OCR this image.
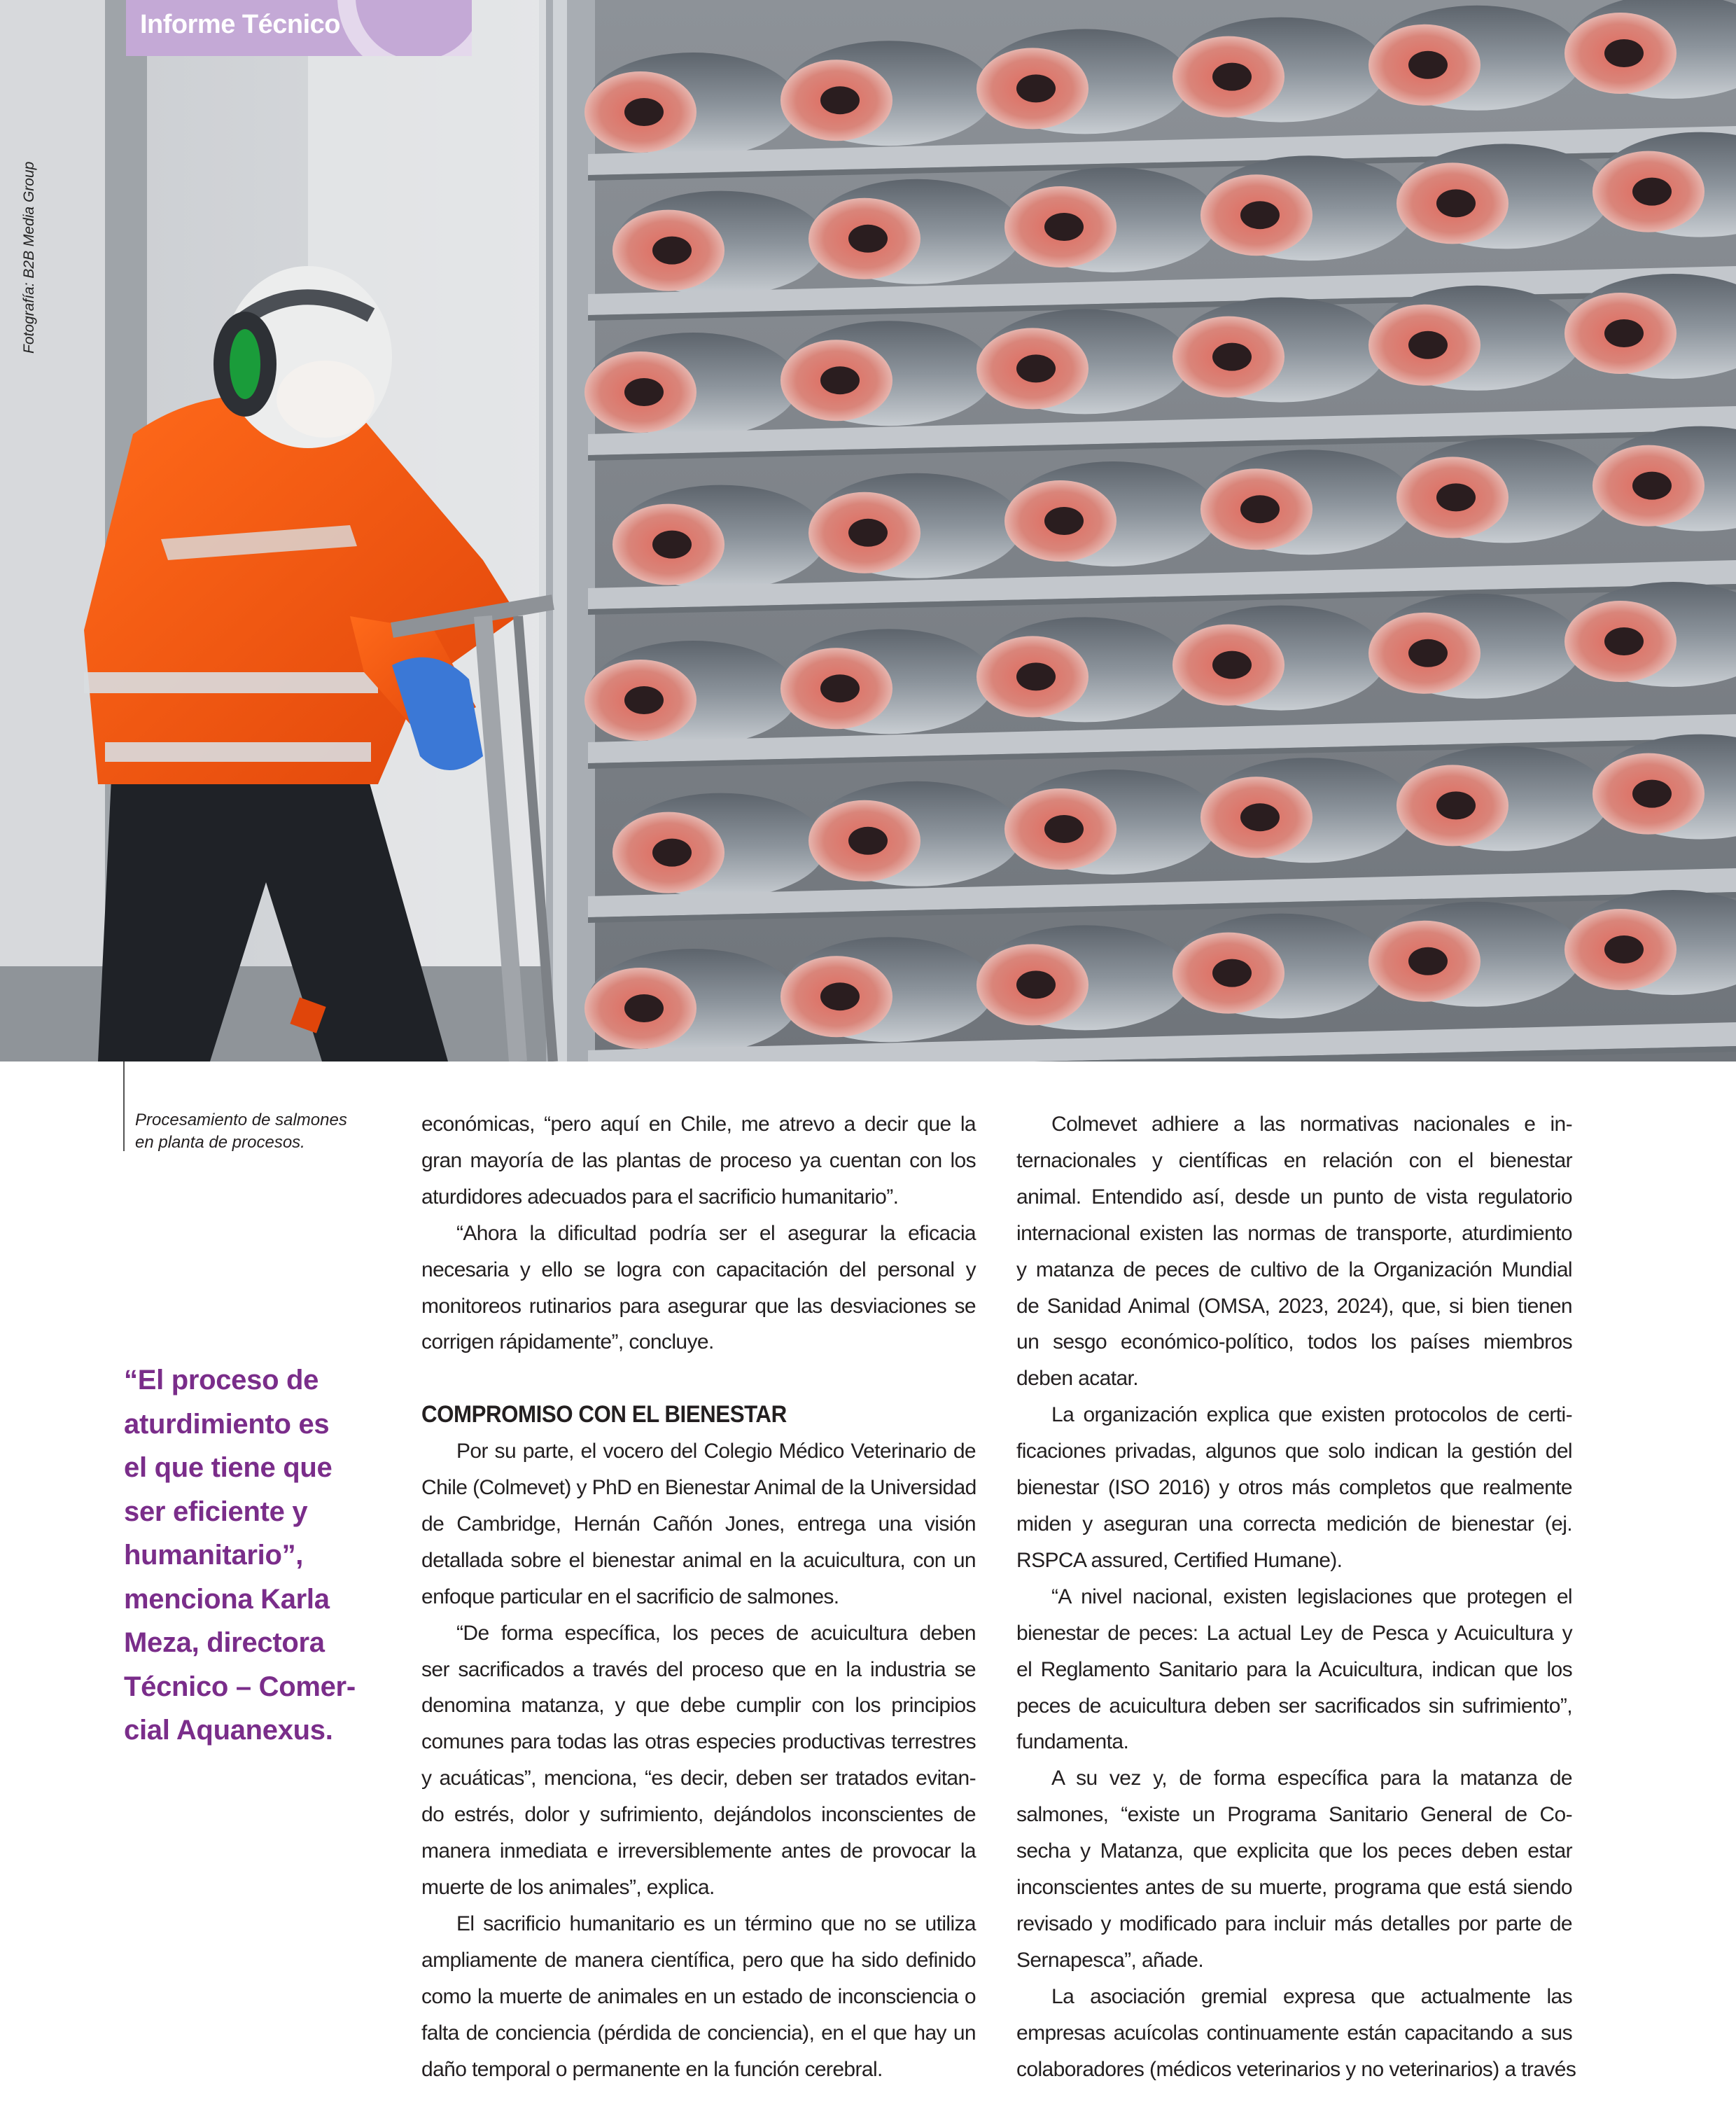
Informe Técnico
Fotografía: B2B Media Group
Procesamiento de salmones
en planta de procesos.
“El proceso de
aturdimiento es
el que tiene que
ser eficiente y
humanitario”,
menciona Karla
Meza, directora
Técnico – Comer-
cial Aquanexus.
económicas, “pero aquí en Chile, me atrevo a decir que la
gran mayoría de las plantas de proceso ya cuentan con los
aturdidores adecuados para el sacrificio humanitario”.
“Ahora la dificultad podría ser el asegurar la eficacia
necesaria y ello se logra con capacitación del personal y
monitoreos rutinarios para asegurar que las desviaciones se
corrigen rápidamente”, concluye.
COMPROMISO CON EL BIENESTAR
Por su parte, el vocero del Colegio Médico Veterinario de
Chile (Colmevet) y PhD en Bienestar Animal de la Universidad
de Cambridge, Hernán Cañón Jones, entrega una visión
detallada sobre el bienestar animal en la acuicultura, con un
enfoque particular en el sacrificio de salmones.
“De forma específica, los peces de acuicultura deben
ser sacrificados a través del proceso que en la industria se
denomina matanza, y que debe cumplir con los principios
comunes para todas las otras especies productivas terrestres
y acuáticas”, menciona, “es decir, deben ser tratados evitan-
do estrés, dolor y sufrimiento, dejándolos inconscientes de
manera inmediata e irreversiblemente antes de provocar la
muerte de los animales”, explica.
El sacrificio humanitario es un término que no se utiliza
ampliamente de manera científica, pero que ha sido definido
como la muerte de animales en un estado de inconsciencia o
falta de conciencia (pérdida de conciencia), en el que hay un
daño temporal o permanente en la función cerebral.
Colmevet adhiere a las normativas nacionales e in-
ternacionales y científicas en relación con el bienestar
animal. Entendido así, desde un punto de vista regulatorio
internacional existen las normas de transporte, aturdimiento
y matanza de peces de cultivo de la Organización Mundial
de Sanidad Animal (OMSA, 2023, 2024), que, si bien tienen
un sesgo económico-político, todos los países miembros
deben acatar.
La organización explica que existen protocolos de certi-
ficaciones privadas, algunos que solo indican la gestión del
bienestar (ISO 2016) y otros más completos que realmente
miden y aseguran una correcta medición de bienestar (ej.
RSPCA assured, Certified Humane).
“A nivel nacional, existen legislaciones que protegen el
bienestar de peces: La actual Ley de Pesca y Acuicultura y
el Reglamento Sanitario para la Acuicultura, indican que los
peces de acuicultura deben ser sacrificados sin sufrimiento”,
fundamenta.
A su vez y, de forma específica para la matanza de
salmones, “existe un Programa Sanitario General de Co-
secha y Matanza, que explicita que los peces deben estar
inconscientes antes de su muerte, programa que está siendo
revisado y modificado para incluir más detalles por parte de
Sernapesca”, añade.
La asociación gremial expresa que actualmente las
empresas acuícolas continuamente están capacitando a sus
colaboradores (médicos veterinarios y no veterinarios) a través
